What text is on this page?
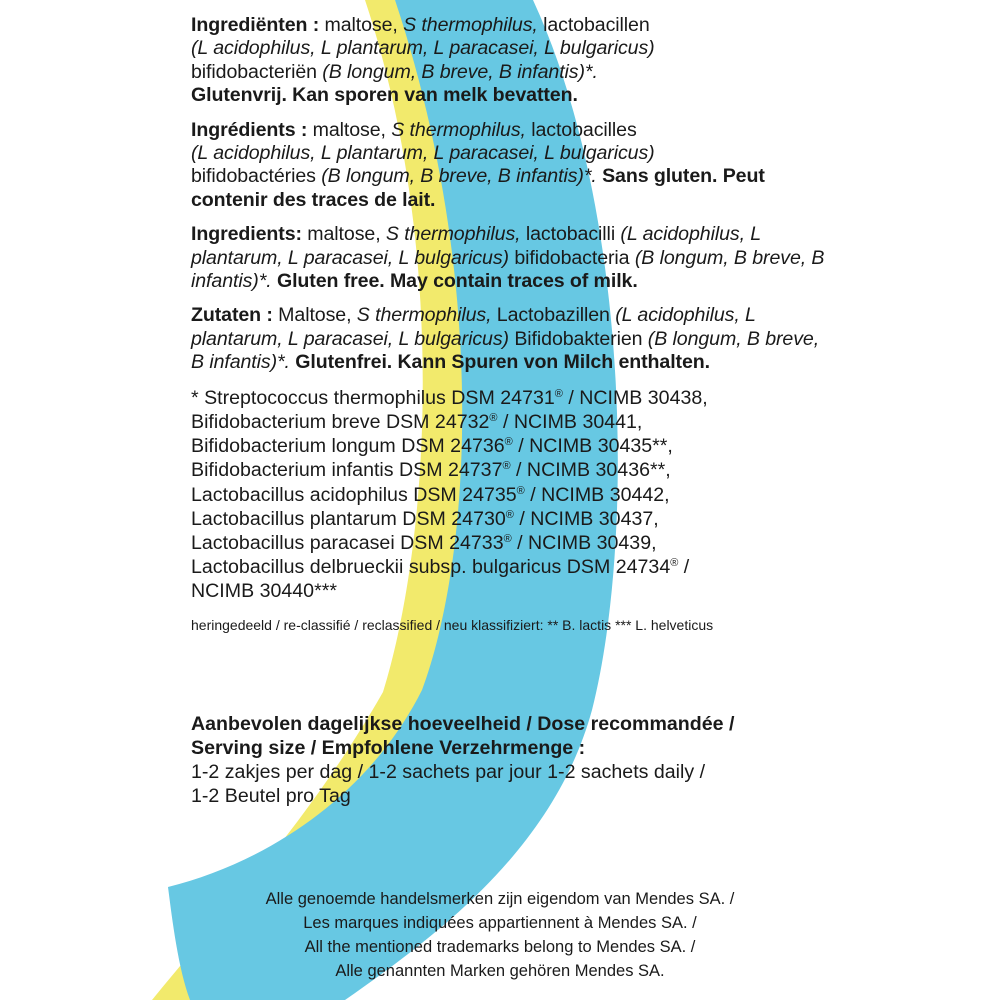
Ingrediënten : maltose, S thermophilus, lactobacillen
(L acidophilus, L plantarum, L paracasei, L bulgaricus)
bifidobacteriën (B longum, B breve, B infantis)*.
Glutenvrij. Kan sporen van melk bevatten.

Ingrédients : maltose, S thermophilus, lactobacilles
(L acidophilus, L plantarum, L paracasei, L bulgaricus)
bifidobactéries (B longum, B breve, B infantis)*. Sans gluten. Peut contenir des traces de lait.

Ingredients: maltose, S thermophilus, lactobacilli (L acidophilus, L plantarum, L paracasei, L bulgaricus) bifidobacteria (B longum, B breve, B infantis)*. Gluten free. May contain traces of milk.

Zutaten : Maltose, S thermophilus, Lactobazillen (L acidophilus, L plantarum, L paracasei, L bulgaricus) Bifidobakterien (B longum, B breve, B infantis)*. Glutenfrei. Kann Spuren von Milch enthalten.

* Streptococcus thermophilus DSM 24731® / NCIMB 30438,
Bifidobacterium breve DSM 24732® / NCIMB 30441,
Bifidobacterium longum DSM 24736® / NCIMB 30435**,
Bifidobacterium infantis DSM 24737® / NCIMB 30436**,
Lactobacillus acidophilus DSM 24735® / NCIMB 30442,
Lactobacillus plantarum DSM 24730® / NCIMB 30437,
Lactobacillus paracasei DSM 24733® / NCIMB 30439,
Lactobacillus delbrueckii subsp. bulgaricus DSM 24734® /
NCIMB 30440***

heringedeeld / re-classifié / reclassified / neu klassifiziert: ** B. lactis *** L. helveticus

Aanbevolen dagelijkse hoeveelheid / Dose recommandée /
Serving size / Empfohlene Verzehrmenge :
1-2 zakjes per dag / 1-2 sachets par jour 1-2 sachets daily /
1-2 Beutel pro Tag
Alle genoemde handelsmerken zijn eigendom van Mendes SA. /
Les marques indiquées appartiennent à Mendes SA. /
All the mentioned trademarks belong to Mendes SA. /
Alle genannten Marken gehören Mendes SA.
